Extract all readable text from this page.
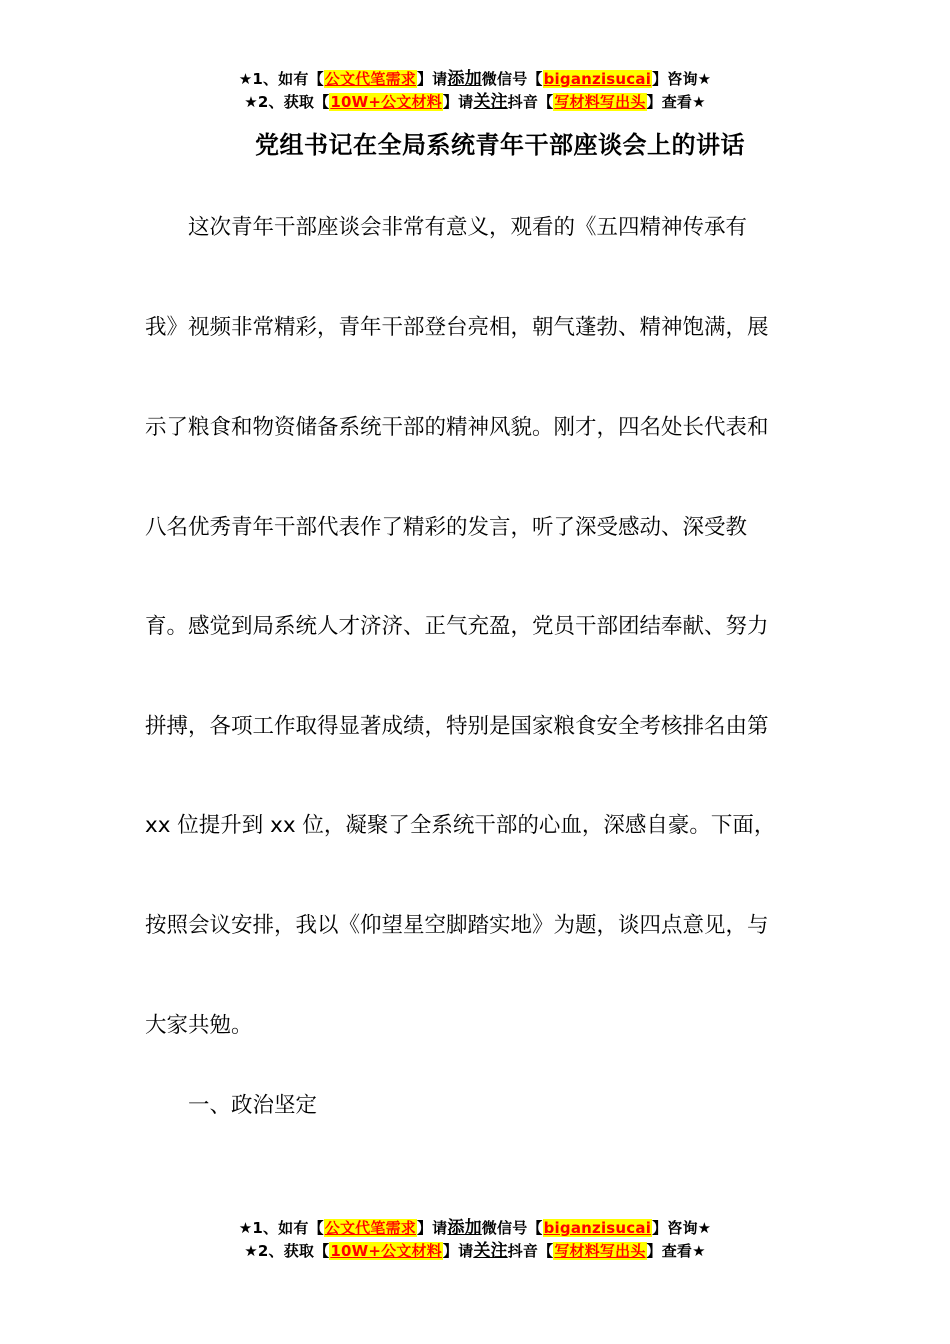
★1、如有【公文代笔需求】请添加微信号【biganzisucai】咨询★
★2、获取【10W+公文材料】请关注抖音【写材料写出头】查看★
党组书记在全局系统青年干部座谈会上的讲话
这次青年干部座谈会非常有意义，观看的《五四精神传承有
我》视频非常精彩，青年干部登台亮相，朝气蓬勃、精神饱满，展
示了粮食和物资储备系统干部的精神风貌。刚才，四名处长代表和
八名优秀青年干部代表作了精彩的发言，听了深受感动、深受教
育。感觉到局系统人才济济、正气充盈，党员干部团结奉献、努力
拼搏，各项工作取得显著成绩，特别是国家粮食安全考核排名由第
xx 位提升到 xx 位，凝聚了全系统干部的心血，深感自豪。下面，
按照会议安排，我以《仰望星空脚踏实地》为题，谈四点意见，与
大家共勉。
一、政治坚定
★1、如有【公文代笔需求】请添加微信号【biganzisucai】咨询★
★2、获取【10W+公文材料】请关注抖音【写材料写出头】查看★
